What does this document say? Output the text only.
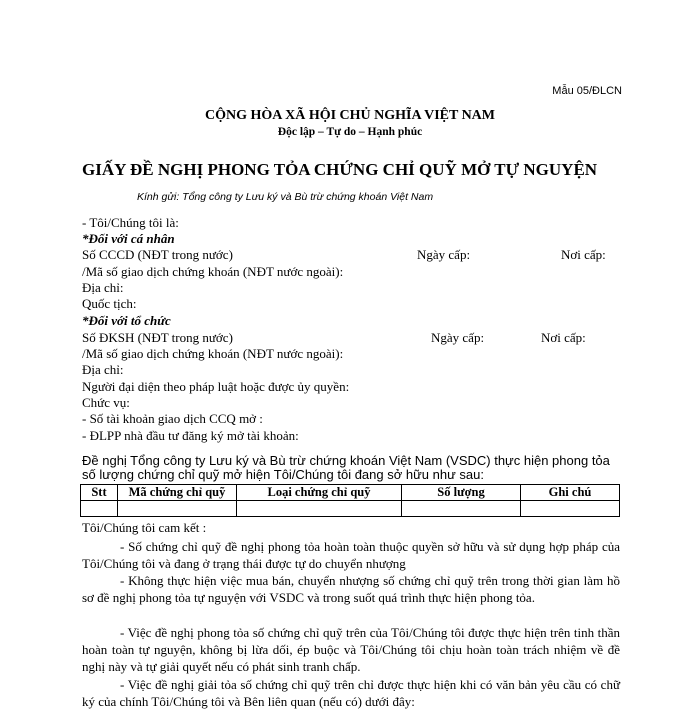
Mẫu 05/ĐLCN
CỘNG HÒA XÃ HỘI CHỦ NGHĨA VIỆT NAM
Độc lập – Tự do – Hạnh phúc
GIẤY ĐỀ NGHỊ PHONG TỎA CHỨNG CHỈ QUỸ MỞ TỰ NGUYỆN
Kính gửi: Tổng công ty Lưu ký và Bù trừ chứng khoán Việt Nam
- Tôi/Chúng tôi là:
*Đối với cá nhân
Số CCCD (NĐT trong nước)	Ngày cấp:	Nơi cấp:
/Mã số giao dịch chứng khoán (NĐT nước ngoài):
Địa chỉ:
Quốc tịch:
*Đối với tổ chức
Số ĐKSH (NĐT trong nước)	Ngày cấp:	Nơi cấp:
/Mã số giao dịch chứng khoán (NĐT nước ngoài):
Địa chỉ:
Người đại diện theo pháp luật hoặc được ủy quyền:
Chức vụ:
- Số tài khoản giao dịch CCQ mở :
- ĐLPP nhà đầu tư đăng ký mở tài khoản:
Đề nghị Tổng công ty Lưu ký và Bù trừ chứng khoán Việt Nam (VSDC) thực hiện phong tỏa số lượng chứng chỉ quỹ mở hiện Tôi/Chúng tôi đang sở hữu như sau:
Stt	Mã chứng chỉ quỹ	Loại chứng chỉ quỹ	Số lượng	Ghi chú

Tôi/Chúng tôi cam kết :
- Số chứng chỉ quỹ đề nghị phong tỏa hoàn toàn thuộc quyền sở hữu và sử dụng hợp pháp của Tôi/Chúng tôi và đang ở trạng thái được tự do chuyển nhượng
- Không thực hiện việc mua bán, chuyển nhượng số chứng chỉ quỹ trên trong thời gian làm hồ sơ đề nghị phong tỏa tự nguyện với VSDC và trong suốt quá trình thực hiện phong tỏa.
- Việc đề nghị phong tỏa số chứng chỉ quỹ trên của Tôi/Chúng tôi được thực hiện trên tinh thần hoàn toàn tự nguyện, không bị lừa dối, ép buộc và Tôi/Chúng tôi chịu hoàn toàn trách nhiệm về đề nghị này và tự giải quyết nếu có phát sinh tranh chấp.
- Việc đề nghị giải tỏa số chứng chỉ quỹ trên chỉ được thực hiện khi có văn bản yêu cầu có chữ ký của chính Tôi/Chúng tôi và Bên liên quan (nếu có) dưới đây:
